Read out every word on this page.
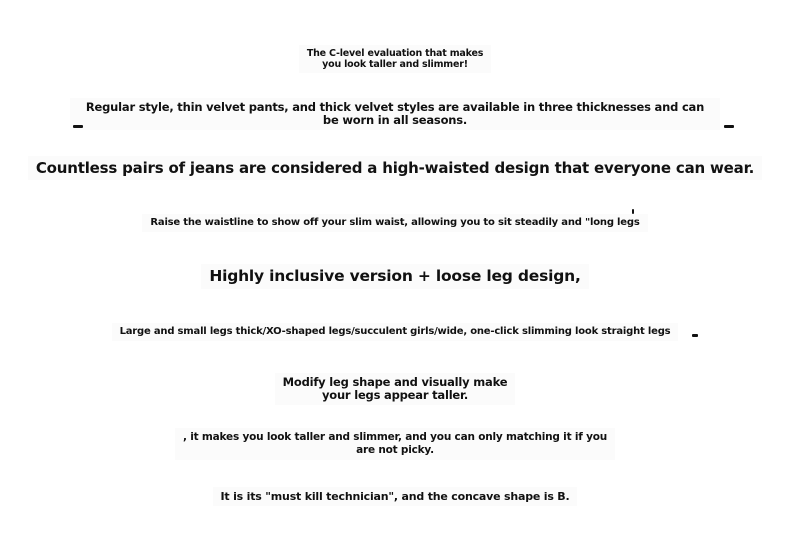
The C-level evaluation that makes
you look taller and slimmer!
Regular style, thin velvet pants, and thick velvet styles are available in three thicknesses and can be worn in all seasons.
Countless pairs of jeans are considered a high-waisted design that everyone can wear.
Raise the waistline to show off your slim waist, allowing you to sit steadily and "long legs
Highly inclusive version + loose leg design,
Large and small legs thick/XO-shaped legs/succulent girls/wide, one-click slimming look straight legs
Modify leg shape and visually make
your legs appear taller.
, it makes you look taller and slimmer, and you can only matching it if you
are not picky.
It is its "must kill technician", and the concave shape is B.
